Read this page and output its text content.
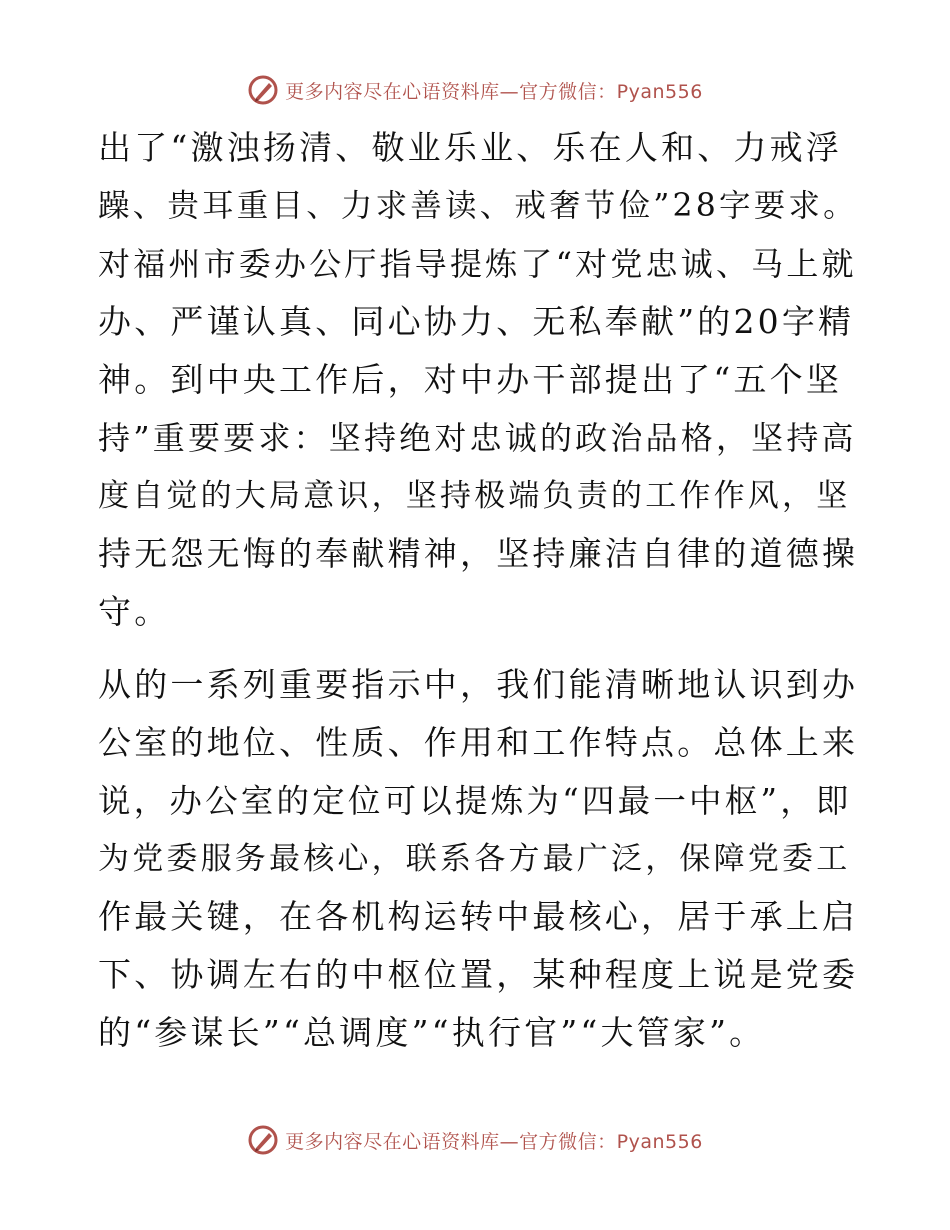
更多内容尽在心语资料库—官方微信：Pyan556
出了“激浊扬清、敬业乐业、乐在人和、力戒浮
躁、贵耳重目、力求善读、戒奢节俭”28字要求。
对福州市委办公厅指导提炼了“对党忠诚、马上就
办、严谨认真、同心协力、无私奉献”的20字精
神。到中央工作后，对中办干部提出了“五个坚
持”重要要求：坚持绝对忠诚的政治品格，坚持高
度自觉的大局意识，坚持极端负责的工作作风，坚
持无怨无悔的奉献精神，坚持廉洁自律的道德操
守。
从的一系列重要指示中，我们能清晰地认识到办
公室的地位、性质、作用和工作特点。总体上来
说，办公室的定位可以提炼为“四最一中枢”，即
为党委服务最核心，联系各方最广泛，保障党委工
作最关键，在各机构运转中最核心，居于承上启
下、协调左右的中枢位置，某种程度上说是党委
的“参谋长”“总调度”“执行官”“大管家”。
更多内容尽在心语资料库—官方微信：Pyan556
